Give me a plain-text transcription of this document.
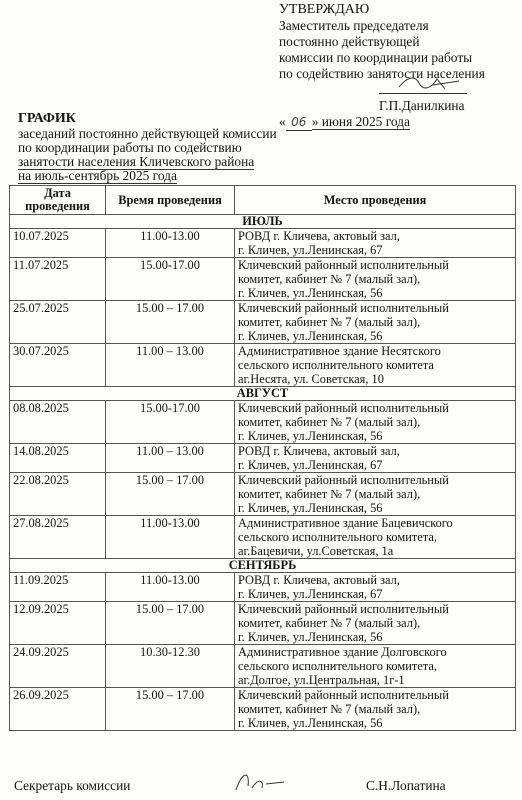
УТВЕРЖДАЮ
Заместитель председателя
постоянно действующей
комиссии по координации работы
по содействию занятости населения
Г.П.Данилкина
« 06 » июня 2025 года
ГРАФИК
заседаний постоянно действующей комиссии
по координации работы по содействию
занятости населения Кличевского района
на июль-сентябрь 2025 года
Дата проведения	Время проведения	Место проведения
ИЮЛЬ		
10.07.2025	11.00-13.00	РОВД г. Кличева, актовый зал,
г. Кличев, ул.Ленинская, 67

11.07.2025	15.00-17.00	Кличевский районный исполнительный
комитет, кабинет № 7 (малый зал),
г. Кличев, ул.Ленинская, 56

25.07.2025	15.00 – 17.00	Кличевский районный исполнительный
комитет, кабинет № 7 (малый зал),
г. Кличев, ул.Ленинская, 56

30.07.2025	11.00 – 13.00	Административное здание Несятского
сельского исполнительного комитета
аг.Несята, ул. Советская, 10

АВГУСТ		
08.08.2025	15.00-17.00	Кличевский районный исполнительный
комитет, кабинет № 7 (малый зал),
г. Кличев, ул.Ленинская, 56

14.08.2025	11.00 – 13.00	РОВД г. Кличева, актовый зал,
г. Кличев, ул.Ленинская, 67

22.08.2025	15.00 – 17.00	Кличевский районный исполнительный
комитет, кабинет № 7 (малый зал),
г. Кличев, ул.Ленинская, 56

27.08.2025	11.00-13.00	Административное здание Бацевичского
сельского исполнительного комитета,
аг.Бацевичи, ул.Советская, 1а

СЕНТЯБРЬ		
11.09.2025	11.00-13.00	РОВД г. Кличева, актовый зал,
г. Кличев, ул.Ленинская, 67

12.09.2025	15.00 – 17.00	Кличевский районный исполнительный
комитет, кабинет № 7 (малый зал),
г. Кличев, ул.Ленинская, 56

24.09.2025	10.30-12.30	Административное здание Долговского
сельского исполнительного комитета,
аг.Долгое, ул.Центральная, 1г-1

26.09.2025	15.00 – 17.00	Кличевский районный исполнительный
комитет, кабинет № 7 (малый зал),
г. Кличев, ул.Ленинская, 56
Секретарь комиссии	С.Н.Лопатина
